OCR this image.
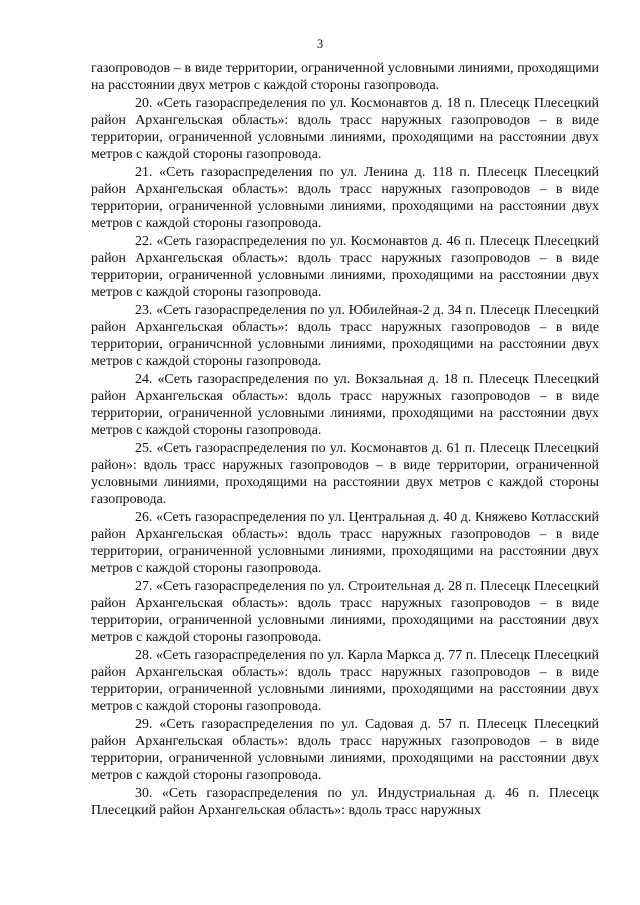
3

газопроводов – в виде территории, ограниченной условными линиями, проходящими на расстоянии двух метров с каждой стороны газопровода.

20. «Сеть газораспределения по ул. Космонавтов д. 18 п. Плесецк Плесецкий район Архангельская область»: вдоль трасс наружных газопроводов – в виде территории, ограниченной условными линиями, проходящими на расстоянии двух метров с каждой стороны газопровода.

21. «Сеть газораспределения по ул. Ленина д. 118 п. Плесецк Плесецкий район Архангельская область»: вдоль трасс наружных газопроводов – в виде территории, ограниченной условными линиями, проходящими на расстоянии двух метров с каждой стороны газопровода.

22. «Сеть газораспределения по ул. Космонавтов д. 46 п. Плесецк Плесецкий район Архангельская область»: вдоль трасс наружных газопроводов – в виде территории, ограниченной условными линиями, проходящими на расстоянии двух метров с каждой стороны газопровода.

23. «Сеть газораспределения по ул. Юбилейная-2 д. 34 п. Плесецк Плесецкий район Архангельская область»: вдоль трасс наружных газопроводов – в виде территории, ограничснной условными линиями, проходящими на расстоянии двух метров с каждой стороны газопровода.

24. «Сеть газораспределения по ул. Вокзальная д. 18 п. Плесецк Плесецкий район Архангельская область»: вдоль трасс наружных газопроводов – в виде территории, ограниченной условными линиями, проходящими на расстоянии двух метров с каждой стороны газопровода.

25. «Сеть газораспределения по ул. Космонавтов д. 61 п. Плесецк Плесецкий район»: вдоль трасс наружных газопроводов – в виде территории, ограниченной условными линиями, проходящими на расстоянии двух метров с каждой стороны газопровода.

26. «Сеть газораспределения по ул. Центральная д. 40 д. Княжево Котласский район Архангельская область»: вдоль трасс наружных газопроводов – в виде территории, ограниченной условными линиями, проходящими на расстоянии двух метров с каждой стороны газопровода.

27. «Сеть газораспределения по ул. Строительная д. 28 п. Плесецк Плесецкий район Архангельская область»: вдоль трасс наружных газопроводов – в виде территории, ограниченной условными линиями, проходящими на расстоянии двух метров с каждой стороны газопровода.

28. «Сеть газораспределения по ул. Карла Маркса д. 77 п. Плесецк Плесецкий район Архангельская область»: вдоль трасс наружных газопроводов – в виде территории, ограниченной условными линиями, проходящими на расстоянии двух метров с каждой стороны газопровода.

29. «Сеть газораспределения по ул. Садовая д. 57 п. Плесецк Плесецкий район Архангельская область»: вдоль трасс наружных газопроводов – в виде территории, ограниченной условными линиями, проходящими на расстоянии двух метров с каждой стороны газопровода.

30. «Сеть газораспределения по ул. Индустриальная д. 46 п. Плесецк Плесецкий район Архангельская область»: вдоль трасс наружных
